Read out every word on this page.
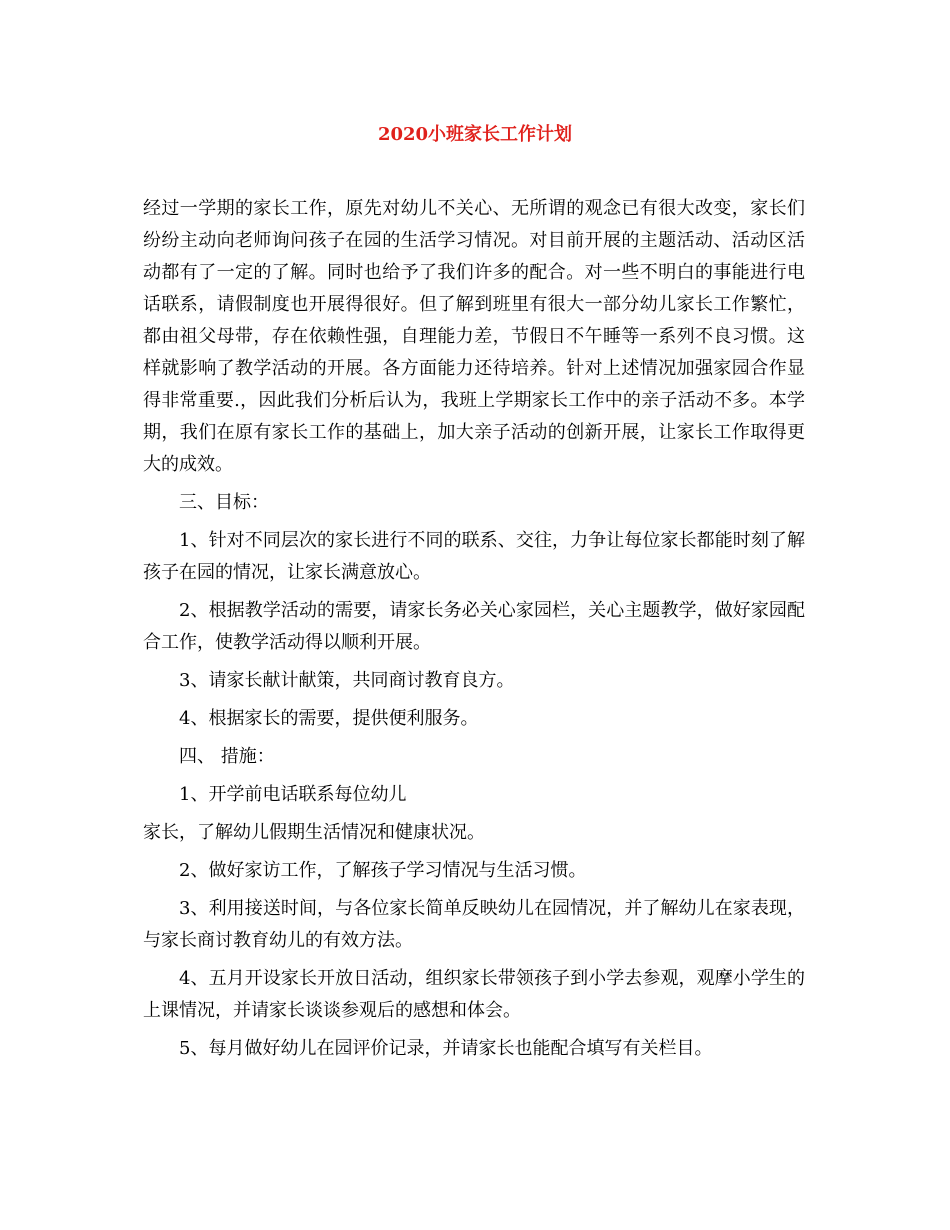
2020小班家长工作计划

经过一学期的家长工作，原先对幼儿不关心、无所谓的观念已有很大改变，家长们纷纷主动向老师询问孩子在园的生活学习情况。对目前开展的主题活动、活动区活动都有了一定的了解。同时也给予了我们许多的配合。对一些不明白的事能进行电话联系，请假制度也开展得很好。但了解到班里有很大一部分幼儿家长工作繁忙，都由祖父母带，存在依赖性强，自理能力差，节假日不午睡等一系列不良习惯。这样就影响了教学活动的开展。各方面能力还待培养。针对上述情况加强家园合作显得非常重要.，因此我们分析后认为，我班上学期家长工作中的亲子活动不多。本学期，我们在原有家长工作的基础上，加大亲子活动的创新开展，让家长工作取得更大的成效。

三、目标：

1、针对不同层次的家长进行不同的联系、交往，力争让每位家长都能时刻了解孩子在园的情况，让家长满意放心。

2、根据教学活动的需要，请家长务必关心家园栏，关心主题教学，做好家园配合工作，使教学活动得以顺利开展。

3、请家长献计献策，共同商讨教育良方。

4、根据家长的需要，提供便利服务。

四、 措施：

1、开学前电话联系每位幼儿

家长，了解幼儿假期生活情况和健康状况。

2、做好家访工作，了解孩子学习情况与生活习惯。

3、利用接送时间，与各位家长简单反映幼儿在园情况，并了解幼儿在家表现，与家长商讨教育幼儿的有效方法。

4、五月开设家长开放日活动，组织家长带领孩子到小学去参观，观摩小学生的上课情况，并请家长谈谈参观后的感想和体会。

5、每月做好幼儿在园评价记录，并请家长也能配合填写有关栏目。
